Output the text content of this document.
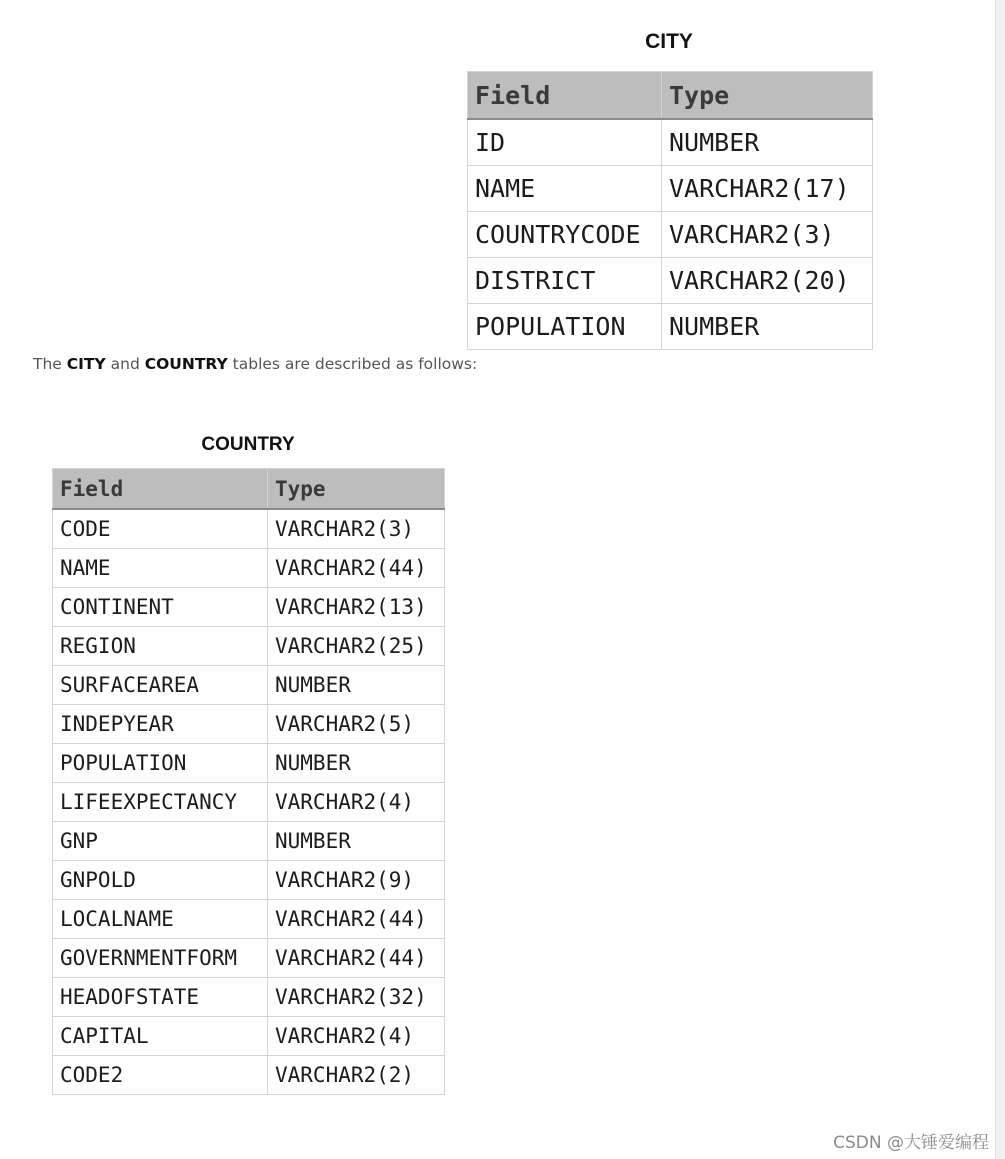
CITY
Field	Type
ID	NUMBER
NAME	VARCHAR2(17)
COUNTRYCODE	VARCHAR2(3)
DISTRICT	VARCHAR2(20)
POPULATION	NUMBER
The CITY and COUNTRY tables are described as follows:
COUNTRY
Field	Type
CODE	VARCHAR2(3)
NAME	VARCHAR2(44)
CONTINENT	VARCHAR2(13)
REGION	VARCHAR2(25)
SURFACEAREA	NUMBER
INDEPYEAR	VARCHAR2(5)
POPULATION	NUMBER
LIFEEXPECTANCY	VARCHAR2(4)
GNP	NUMBER
GNPOLD	VARCHAR2(9)
LOCALNAME	VARCHAR2(44)
GOVERNMENTFORM	VARCHAR2(44)
HEADOFSTATE	VARCHAR2(32)
CAPITAL	VARCHAR2(4)
CODE2	VARCHAR2(2)
CSDN @大锤爱编程
